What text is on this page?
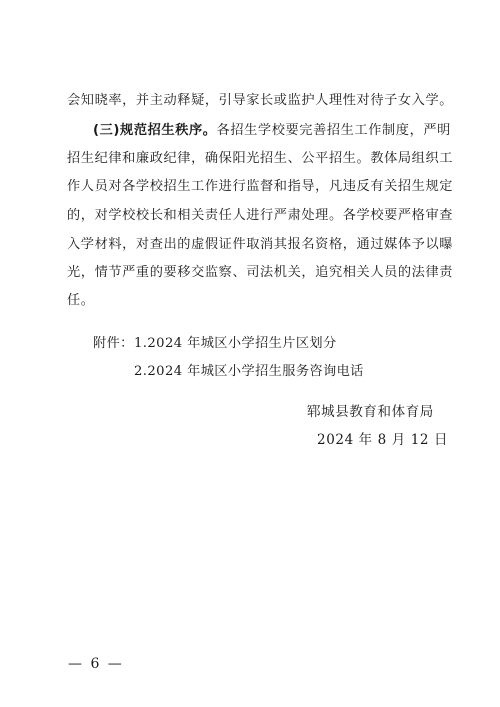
会知晓率，并主动释疑，引导家长或监护人理性对待子女入学。
(三)规范招生秩序。各招生学校要完善招生工作制度，严明
招生纪律和廉政纪律，确保阳光招生、公平招生。教体局组织工
作人员对各学校招生工作进行监督和指导，凡违反有关招生规定
的，对学校校长和相关责任人进行严肃处理。各学校要严格审查
入学材料，对查出的虚假证件取消其报名资格，通过媒体予以曝
光，情节严重的要移交监察、司法机关，追究相关人员的法律责
任。
附件： 1.2024 年城区小学招生片区划分
2.2024 年城区小学招生服务咨询电话
郓城县教育和体育局
2024 年 8 月 12 日
— 6 —
